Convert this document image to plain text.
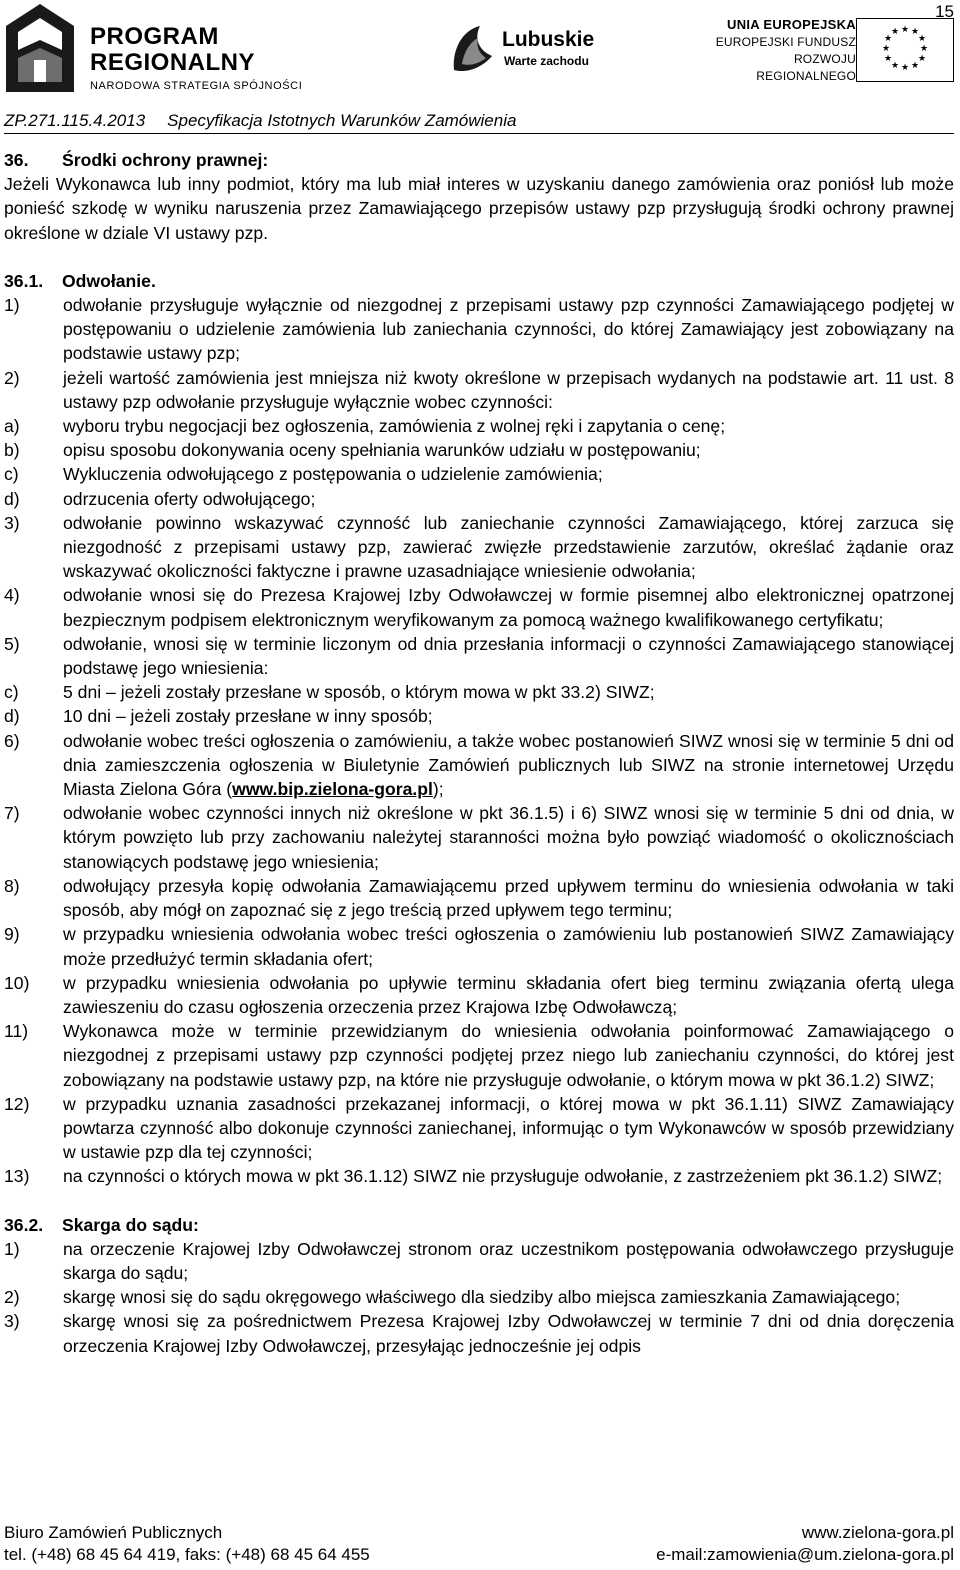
PROGRAM
REGIONALNY
NARODOWA STRATEGIA SPÓJNOŚCI
Lubuskie
Warte zachodu
UNIA EUROPEJSKA
EUROPEJSKI FUNDUSZ
ROZWOJU REGIONALNEGO
★ ★
★
★
★
★
★
★
★
★
★
★
15
ZP.271.115.4.2013 Specyfikacja Istotnych Warunków Zamówienia
36. Środki ochrony prawnej:
Jeżeli Wykonawca lub inny podmiot, który ma lub miał interes w uzyskaniu danego zamówienia oraz poniósł lub może ponieść szkodę w wyniku naruszenia przez Zamawiającego przepisów ustawy pzp przysługują środki ochrony prawnej określone w dziale VI ustawy pzp.
36.1. Odwołanie.
1) odwołanie przysługuje wyłącznie od niezgodnej z przepisami ustawy pzp czynności Zamawiającego podjętej w postępowaniu o udzielenie zamówienia lub zaniechania czynności, do której Zamawiający jest zobowiązany na podstawie ustawy pzp;
2) jeżeli wartość zamówienia jest mniejsza niż kwoty określone w przepisach wydanych na podstawie art. 11 ust. 8 ustawy pzp odwołanie przysługuje wyłącznie wobec czynności:
a) wyboru trybu negocjacji bez ogłoszenia, zamówienia z wolnej ręki i zapytania o cenę;
b) opisu sposobu dokonywania oceny spełniania warunków udziału w postępowaniu;
c)	Wykluczenia odwołującego z postępowania o udzielenie zamówienia;
d) odrzucenia oferty odwołującego;
3) odwołanie powinno wskazywać czynność lub zaniechanie czynności Zamawiającego, której zarzuca się niezgodność z przepisami ustawy pzp, zawierać zwięzłe przedstawienie zarzutów, określać żądanie oraz wskazywać okoliczności faktyczne i prawne uzasadniające wniesienie odwołania;
4) odwołanie wnosi się do Prezesa Krajowej Izby Odwoławczej w formie pisemnej albo elektronicznej opatrzonej bezpiecznym podpisem elektronicznym weryfikowanym za pomocą ważnego kwalifikowanego certyfikatu;
5) odwołanie, wnosi się w terminie liczonym od dnia przesłania informacji o czynności Zamawiającego stanowiącej podstawę jego wniesienia:
c)	5 dni – jeżeli zostały przesłane w sposób, o którym mowa w pkt 33.2) SIWZ;
d) 10 dni – jeżeli zostały przesłane w inny sposób;
6) odwołanie wobec treści ogłoszenia o zamówieniu, a także wobec postanowień SIWZ wnosi się w terminie 5 dni od dnia zamieszczenia ogłoszenia w Biuletynie Zamówień publicznych lub SIWZ na stronie internetowej Urzędu Miasta Zielona Góra (www.bip.zielona-gora.pl);
7) odwołanie wobec czynności innych niż określone w pkt 36.1.5) i 6) SIWZ wnosi się w terminie 5 dni od dnia, w którym powzięto lub przy zachowaniu należytej staranności można było powziąć wiadomość o okolicznościach stanowiących podstawę jego wniesienia;
8) odwołujący przesyła kopię odwołania Zamawiającemu przed upływem terminu do wniesienia odwołania w taki sposób, aby mógł on zapoznać się z jego treścią przed upływem tego terminu;
9) w przypadku wniesienia odwołania wobec treści ogłoszenia o zamówieniu lub postanowień SIWZ Zamawiający może przedłużyć termin składania ofert;
10) w przypadku wniesienia odwołania po upływie terminu składania ofert bieg terminu związania ofertą ulega zawieszeniu do czasu ogłoszenia orzeczenia przez Krajowa Izbę Odwoławczą;
11) Wykonawca może w terminie przewidzianym do wniesienia odwołania poinformować Zamawiającego o niezgodnej z przepisami ustawy pzp czynności podjętej przez niego lub zaniechaniu czynności, do której jest zobowiązany na podstawie ustawy pzp, na które nie przysługuje odwołanie, o którym mowa w pkt 36.1.2) SIWZ;
12) w przypadku uznania zasadności przekazanej informacji, o której mowa w pkt 36.1.11) SIWZ Zamawiający powtarza czynność albo dokonuje czynności zaniechanej, informując o tym Wykonawców w sposób przewidziany w ustawie pzp dla tej czynności;
13) na czynności o których mowa w pkt 36.1.12) SIWZ nie przysługuje odwołanie, z zastrzeżeniem pkt 36.1.2) SIWZ;
36.2. Skarga do sądu:
1) na orzeczenie Krajowej Izby Odwoławczej stronom oraz uczestnikom postępowania odwoławczego przysługuje skarga do sądu;
2) skargę wnosi się do sądu okręgowego właściwego dla siedziby albo miejsca zamieszkania Zamawiającego;
3) skargę wnosi się za pośrednictwem Prezesa Krajowej Izby Odwoławczej w terminie 7 dni od dnia doręczenia orzeczenia Krajowej Izby Odwoławczej, przesyłając jednocześnie jej odpis
Biuro Zamówień Publicznych
tel. (+48) 68 45 64 419, faks: (+48) 68 45 64 455
www.zielona-gora.pl
e-mail:zamowienia@um.zielona-gora.pl
